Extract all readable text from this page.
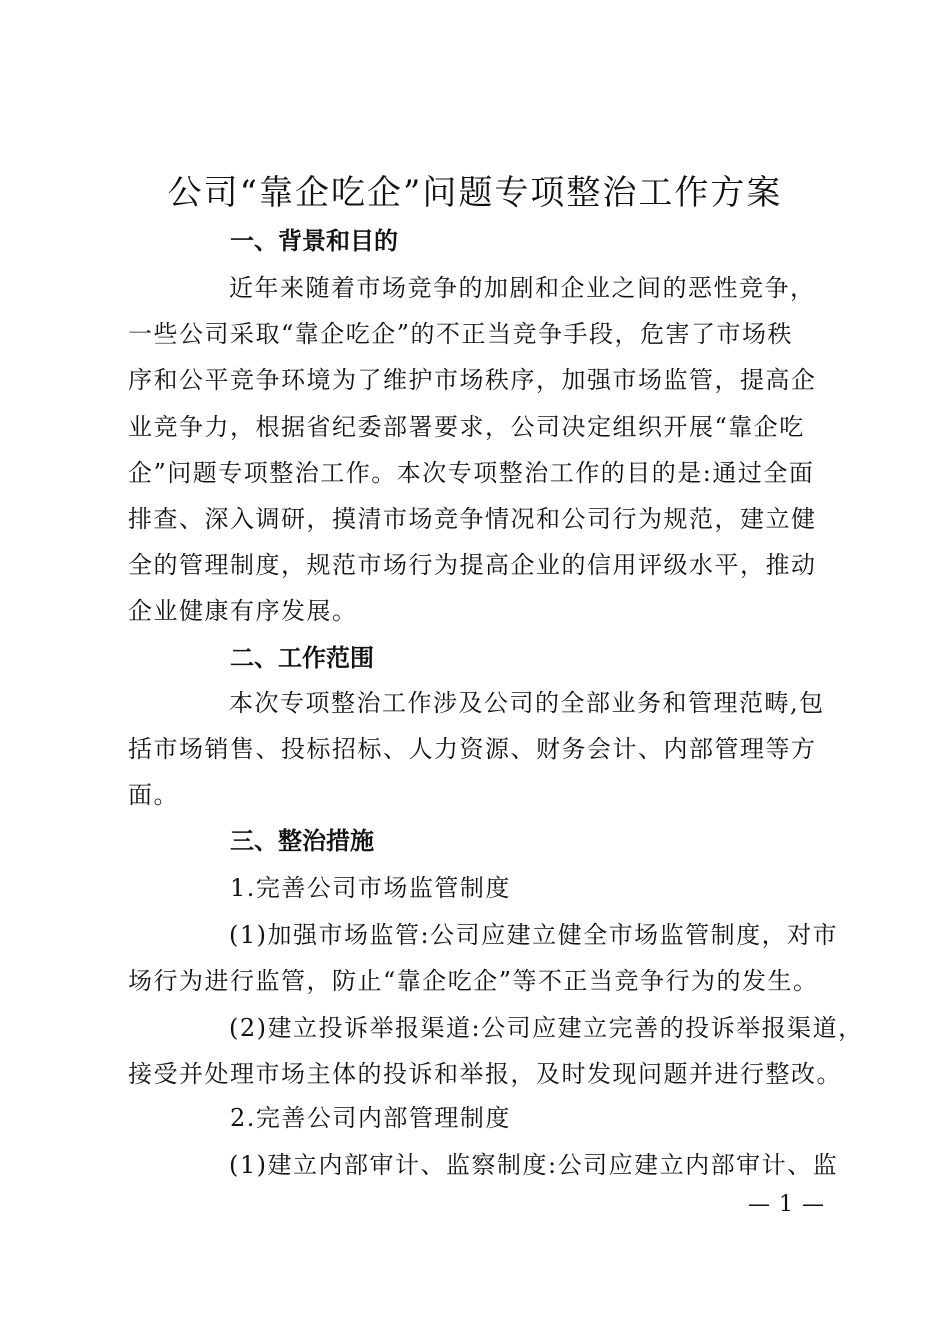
公司“靠企吃企”问题专项整治工作方案
一、背景和目的
近年来随着市场竞争的加剧和企业之间的恶性竞争，
一些公司采取“靠企吃企”的不正当竞争手段，危害了市场秩
序和公平竞争环境为了维护市场秩序，加强市场监管，提高企
业竞争力，根据省纪委部署要求，公司决定组织开展“靠企吃
企”问题专项整治工作。本次专项整治工作的目的是:通过全面
排查、深入调研，摸清市场竞争情况和公司行为规范，建立健
全的管理制度，规范市场行为提高企业的信用评级水平，推动
企业健康有序发展。
二、工作范围
本次专项整治工作涉及公司的全部业务和管理范畴,包
括市场销售、投标招标、人力资源、财务会计、内部管理等方
面。
三、整治措施
1.完善公司市场监管制度
(1)加强市场监管:公司应建立健全市场监管制度，对市
场行为进行监管，防止“靠企吃企”等不正当竞争行为的发生。
(2)建立投诉举报渠道:公司应建立完善的投诉举报渠道，
接受并处理市场主体的投诉和举报，及时发现问题并进行整改。
2.完善公司内部管理制度
(1)建立内部审计、监察制度:公司应建立内部审计、监
— 1 —
